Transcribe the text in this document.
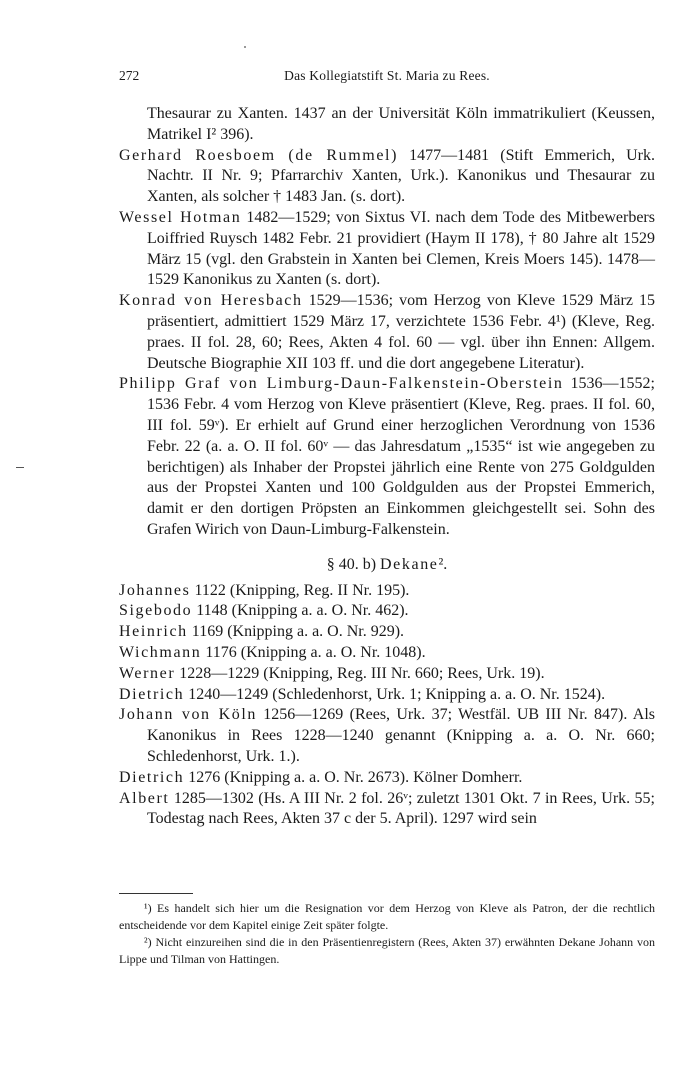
272	Das Kollegiatstift St. Maria zu Rees.

Thesaurar zu Xanten. 1437 an der Universität Köln immatrikuliert (Keussen, Matrikel I² 396).

Gerhard Roesboem (de Rummel) 1477—1481 (Stift Emmerich, Urk. Nachtr. II Nr. 9; Pfarrarchiv Xanten, Urk.). Kanonikus und Thesaurar zu Xanten, als solcher † 1483 Jan. (s. dort).

Wessel Hotman 1482—1529; von Sixtus VI. nach dem Tode des Mitbewerbers Loiffried Ruysch 1482 Febr. 21 providiert (Haym II 178), † 80 Jahre alt 1529 März 15 (vgl. den Grabstein in Xanten bei Clemen, Kreis Moers 145). 1478—1529 Kanonikus zu Xanten (s. dort).

Konrad von Heresbach 1529—1536; vom Herzog von Kleve 1529 März 15 präsentiert, admittiert 1529 März 17, verzichtete 1536 Febr. 4¹) (Kleve, Reg. praes. II fol. 28, 60; Rees, Akten 4 fol. 60 — vgl. über ihn Ennen: Allgem. Deutsche Biographie XII 103 ff. und die dort angegebene Literatur).

Philipp Graf von Limburg-Daun-Falkenstein-Oberstein 1536—1552; 1536 Febr. 4 vom Herzog von Kleve präsentiert (Kleve, Reg. praes. II fol. 60, III fol. 59ᵛ). Er erhielt auf Grund einer herzoglichen Verordnung von 1536 Febr. 22 (a. a. O. II fol. 60ᵛ — das Jahresdatum „1535“ ist wie angegeben zu berichtigen) als Inhaber der Propstei jährlich eine Rente von 275 Goldgulden aus der Propstei Xanten und 100 Goldgulden aus der Propstei Emmerich, damit er den dortigen Pröpsten an Einkommen gleichgestellt sei. Sohn des Grafen Wirich von Daun-Limburg-Falkenstein.

§ 40. b) Dekane².

Johannes 1122 (Knipping, Reg. II Nr. 195).

Sigebodo 1148 (Knipping a. a. O. Nr. 462).

Heinrich 1169 (Knipping a. a. O. Nr. 929).

Wichmann 1176 (Knipping a. a. O. Nr. 1048).

Werner 1228—1229 (Knipping, Reg. III Nr. 660; Rees, Urk. 19).

Dietrich 1240—1249 (Schledenhorst, Urk. 1; Knipping a. a. O. Nr. 1524).

Johann von Köln 1256—1269 (Rees, Urk. 37; Westfäl. UB III Nr. 847). Als Kanonikus in Rees 1228—1240 genannt (Knipping a. a. O. Nr. 660; Schledenhorst, Urk. 1.).

Dietrich 1276 (Knipping a. a. O. Nr. 2673). Kölner Domherr.

Albert 1285—1302 (Hs. A III Nr. 2 fol. 26ᵛ; zuletzt 1301 Okt. 7 in Rees, Urk. 55; Todestag nach Rees, Akten 37 c der 5. April). 1297 wird sein

¹) Es handelt sich hier um die Resignation vor dem Herzog von Kleve als Patron, der die rechtlich entscheidende vor dem Kapitel einige Zeit später folgte.

²) Nicht einzureihen sind die in den Präsentienregistern (Rees, Akten 37) erwähnten Dekane Johann von Lippe und Tilman von Hattingen.
